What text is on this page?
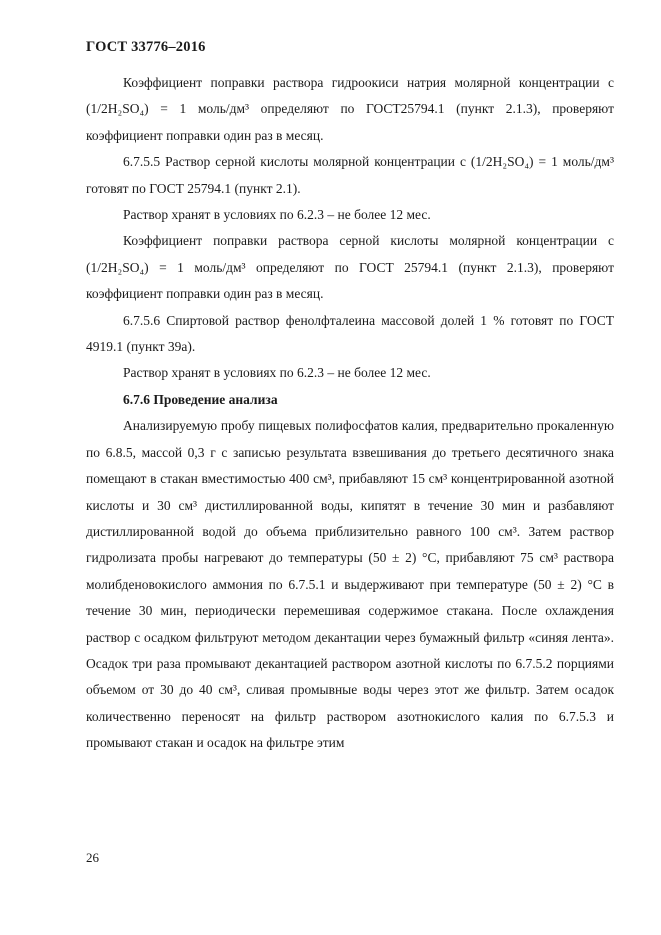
ГОСТ 33776–2016

Коэффициент поправки раствора гидроокиси натрия молярной концентрации c (1/2H₂SO₄) = 1 моль/дм³ определяют по ГОСТ25794.1 (пункт 2.1.3), проверяют коэффициент поправки один раз в месяц.

6.7.5.5 Раствор серной кислоты молярной концентрации c (1/2H₂SO₄) = 1 моль/дм³ готовят по ГОСТ 25794.1 (пункт 2.1).

Раствор хранят в условиях по 6.2.3 – не более 12 мес.

Коэффициент поправки раствора серной кислоты молярной концентрации c (1/2H₂SO₄) = 1 моль/дм³ определяют по ГОСТ 25794.1 (пункт 2.1.3), проверяют коэффициент поправки один раз в месяц.

6.7.5.6 Спиртовой раствор фенолфталеина массовой долей 1 % готовят по ГОСТ 4919.1 (пункт 39а).

Раствор хранят в условиях по 6.2.3 – не более 12 мес.

6.7.6 Проведение анализа

Анализируемую пробу пищевых полифосфатов калия, предварительно прокаленную по 6.8.5, массой 0,3 г с записью результата взвешивания до третьего десятичного знака помещают в стакан вместимостью 400 см³, прибавляют 15 см³ концентрированной азотной кислоты и 30 см³ дистиллированной воды, кипятят в течение 30 мин и разбавляют дистиллированной водой до объема приблизительно равного 100 см³. Затем раствор гидролизата пробы нагревают до температуры (50 ± 2) °С, прибавляют 75 см³ раствора молибденовокислого аммония по 6.7.5.1 и выдерживают при температуре (50 ± 2) °С в течение 30 мин, периодически перемешивая содержимое стакана. После охлаждения раствор с осадком фильтруют методом декантации через бумажный фильтр «синяя лента». Осадок три раза промывают декантацией раствором азотной кислоты по 6.7.5.2 порциями объемом от 30 до 40 см³, сливая промывные воды через этот же фильтр. Затем осадок количественно переносят на фильтр раствором азотнокислого калия по 6.7.5.3 и промывают стакан и осадок на фильтре этим

26
